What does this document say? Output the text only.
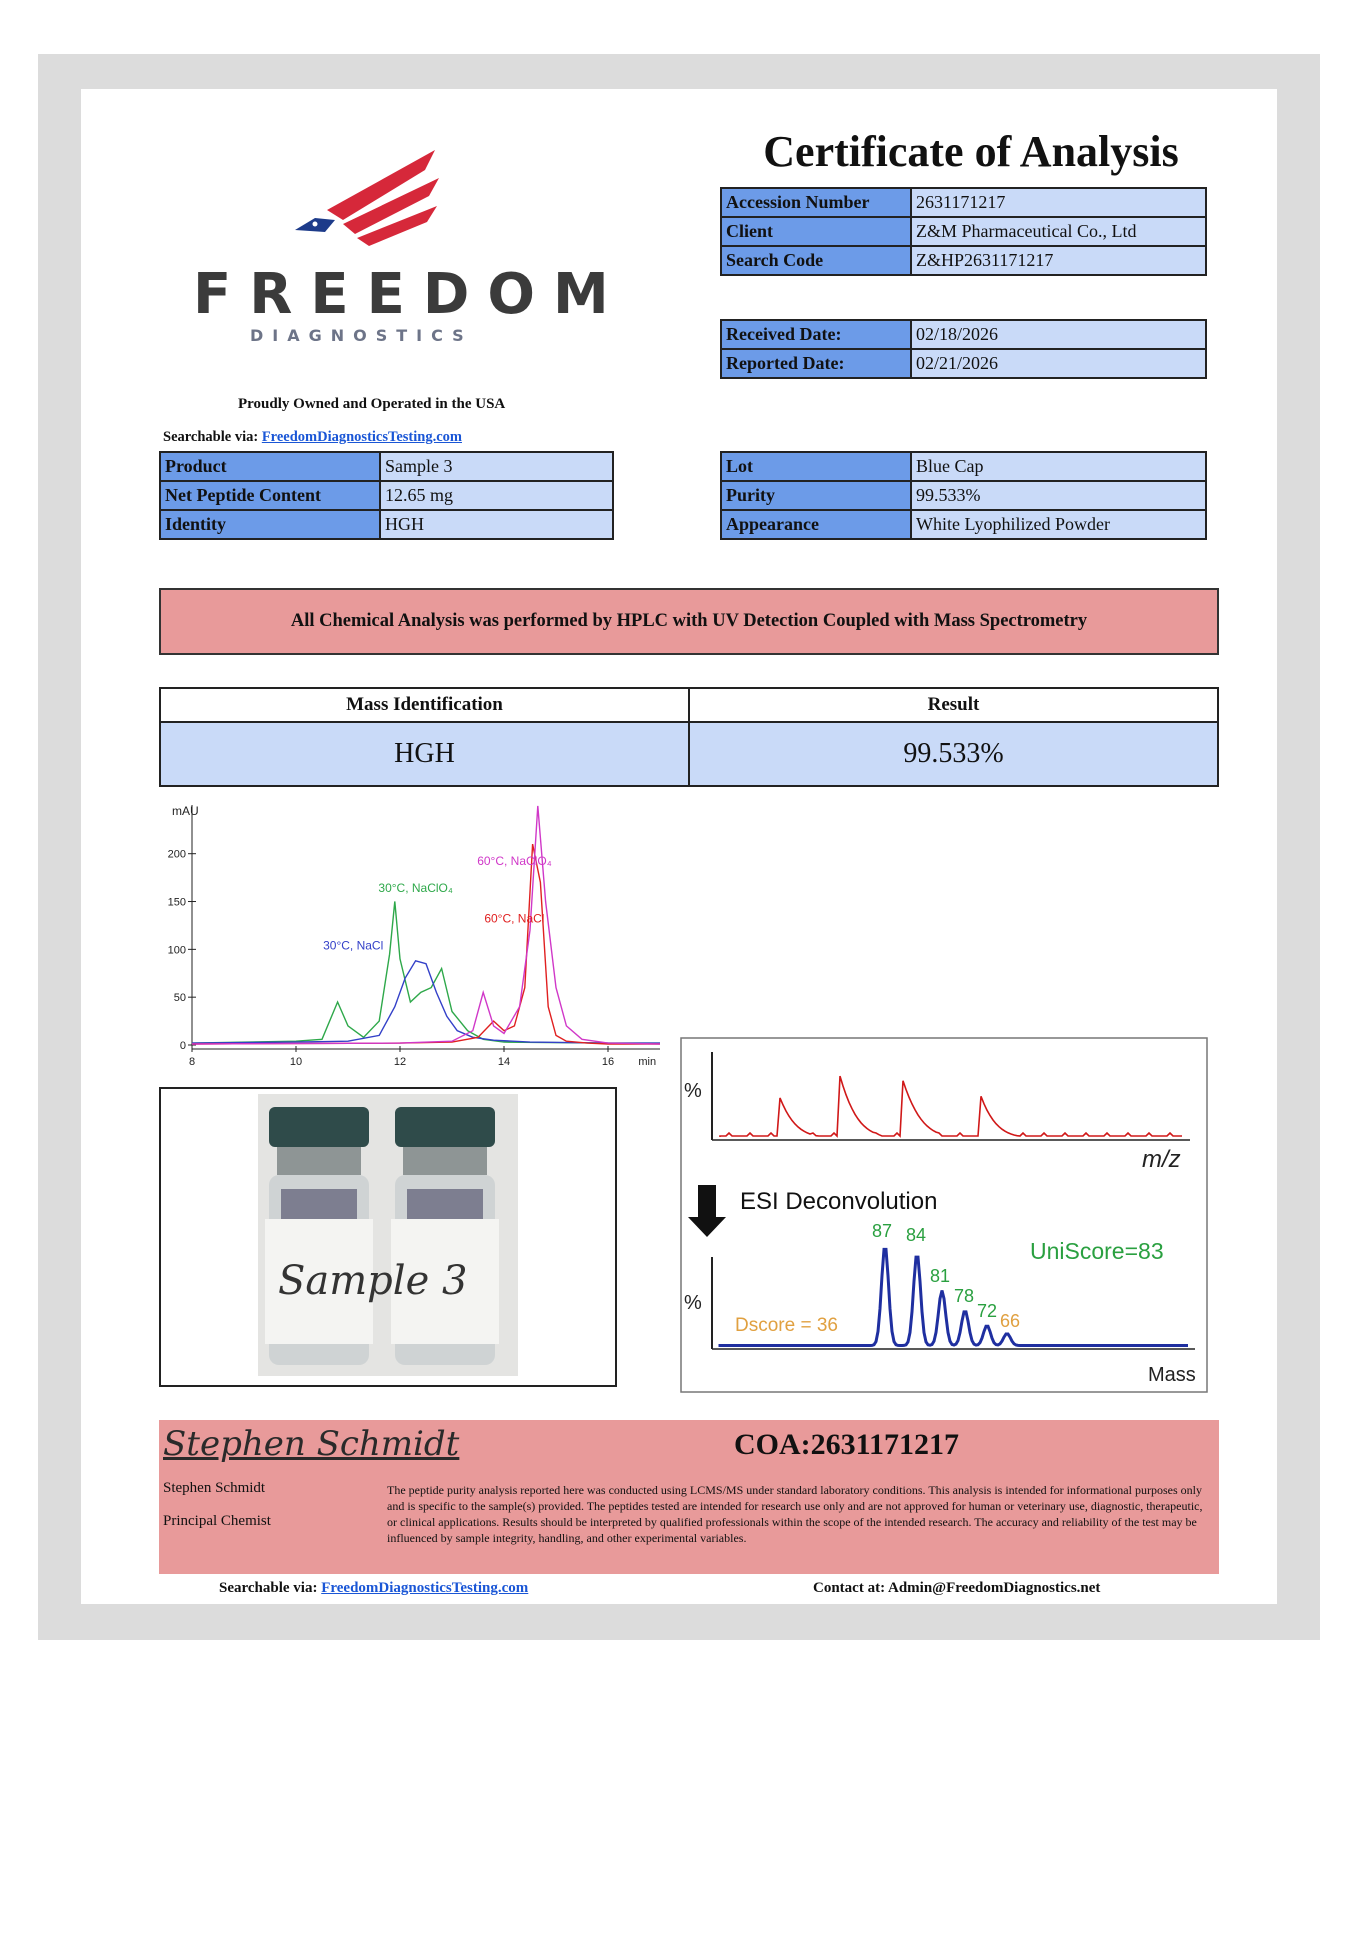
FREEDOM
DIAGNOSTICS
Proudly Owned and Operated in the USA
Searchable via: FreedomDiagnosticsTesting.com
Certificate of Analysis
Accession Number	2631171217
Client	Z&M Pharmaceutical Co., Ltd
Search Code	Z&HP2631171217
Received Date:	02/18/2026
Reported Date:	02/21/2026
Product	Sample 3
Net Peptide Content	12.65 mg
Identity	HGH
Lot	Blue Cap
Purity	99.533%
Appearance	White Lyophilized Powder
All Chemical Analysis was performed by HPLC with UV Detection Coupled with Mass Spectrometry
Mass Identification	Result
HGH	99.533%
mAU
0
50
100
150
200
8	10	12	14	16 min
30°C, NaClO₄
30°C, NaCl
60°C, NaClO₄
60°C, NaCl
Sample 3
%
m/z
ESI Deconvolution
%
Mass
87 84
81
78
72 66
UniScore=83
Dscore = 36
Stephen Schmidt	COA:2631171217
Stephen Schmidt
Principal Chemist
The peptide purity analysis reported here was conducted using LCMS/MS under standard laboratory conditions. This analysis is intended for informational purposes only and is specific to the sample(s) provided. The peptides tested are intended for research use only and are not approved for human or veterinary use, diagnostic, therapeutic, or clinical applications. Results should be interpreted by qualified professionals within the scope of the intended research. The accuracy and reliability of the test may be influenced by sample integrity, handling, and other experimental variables.
Searchable via: FreedomDiagnosticsTesting.com	Contact at: Admin@FreedomDiagnostics.net
